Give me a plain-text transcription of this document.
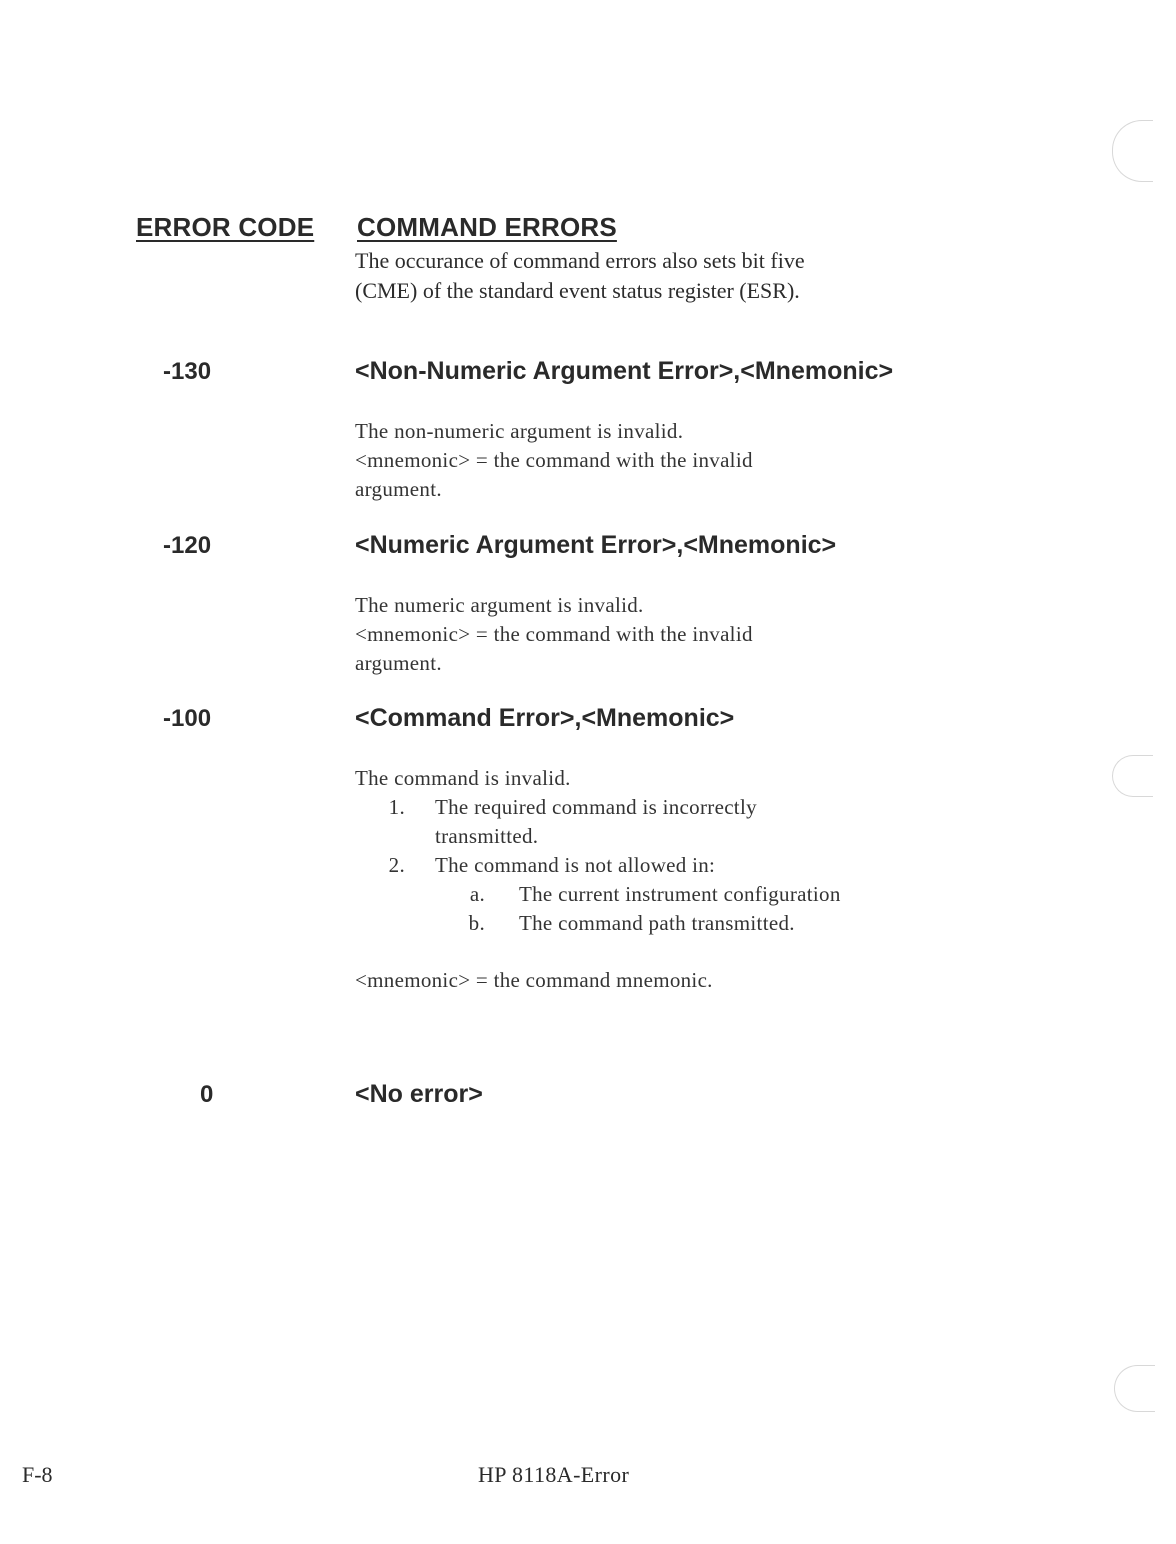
ERROR CODE COMMAND ERRORS
The occurance of command errors also sets bit five
(CME) of the standard event status register (ESR).
-130	<Non-Numeric Argument Error>,<Mnemonic>

The non-numeric argument is invalid.

<mnemonic> = the command with the invalid

argument.

-120	<Numeric Argument Error>,<Mnemonic>

The numeric argument is invalid.

<mnemonic> = the command with the invalid

argument.

-100	<Command Error>,<Mnemonic>

The command is invalid.

1.	The required command is incorrectly
transmitted.
2.	The command is not allowed in:
a.	The current instrument configuration
b.	The command path transmitted.

<mnemonic> = the command mnemonic.

0	<No error>
F-8	HP 8118A-Error
